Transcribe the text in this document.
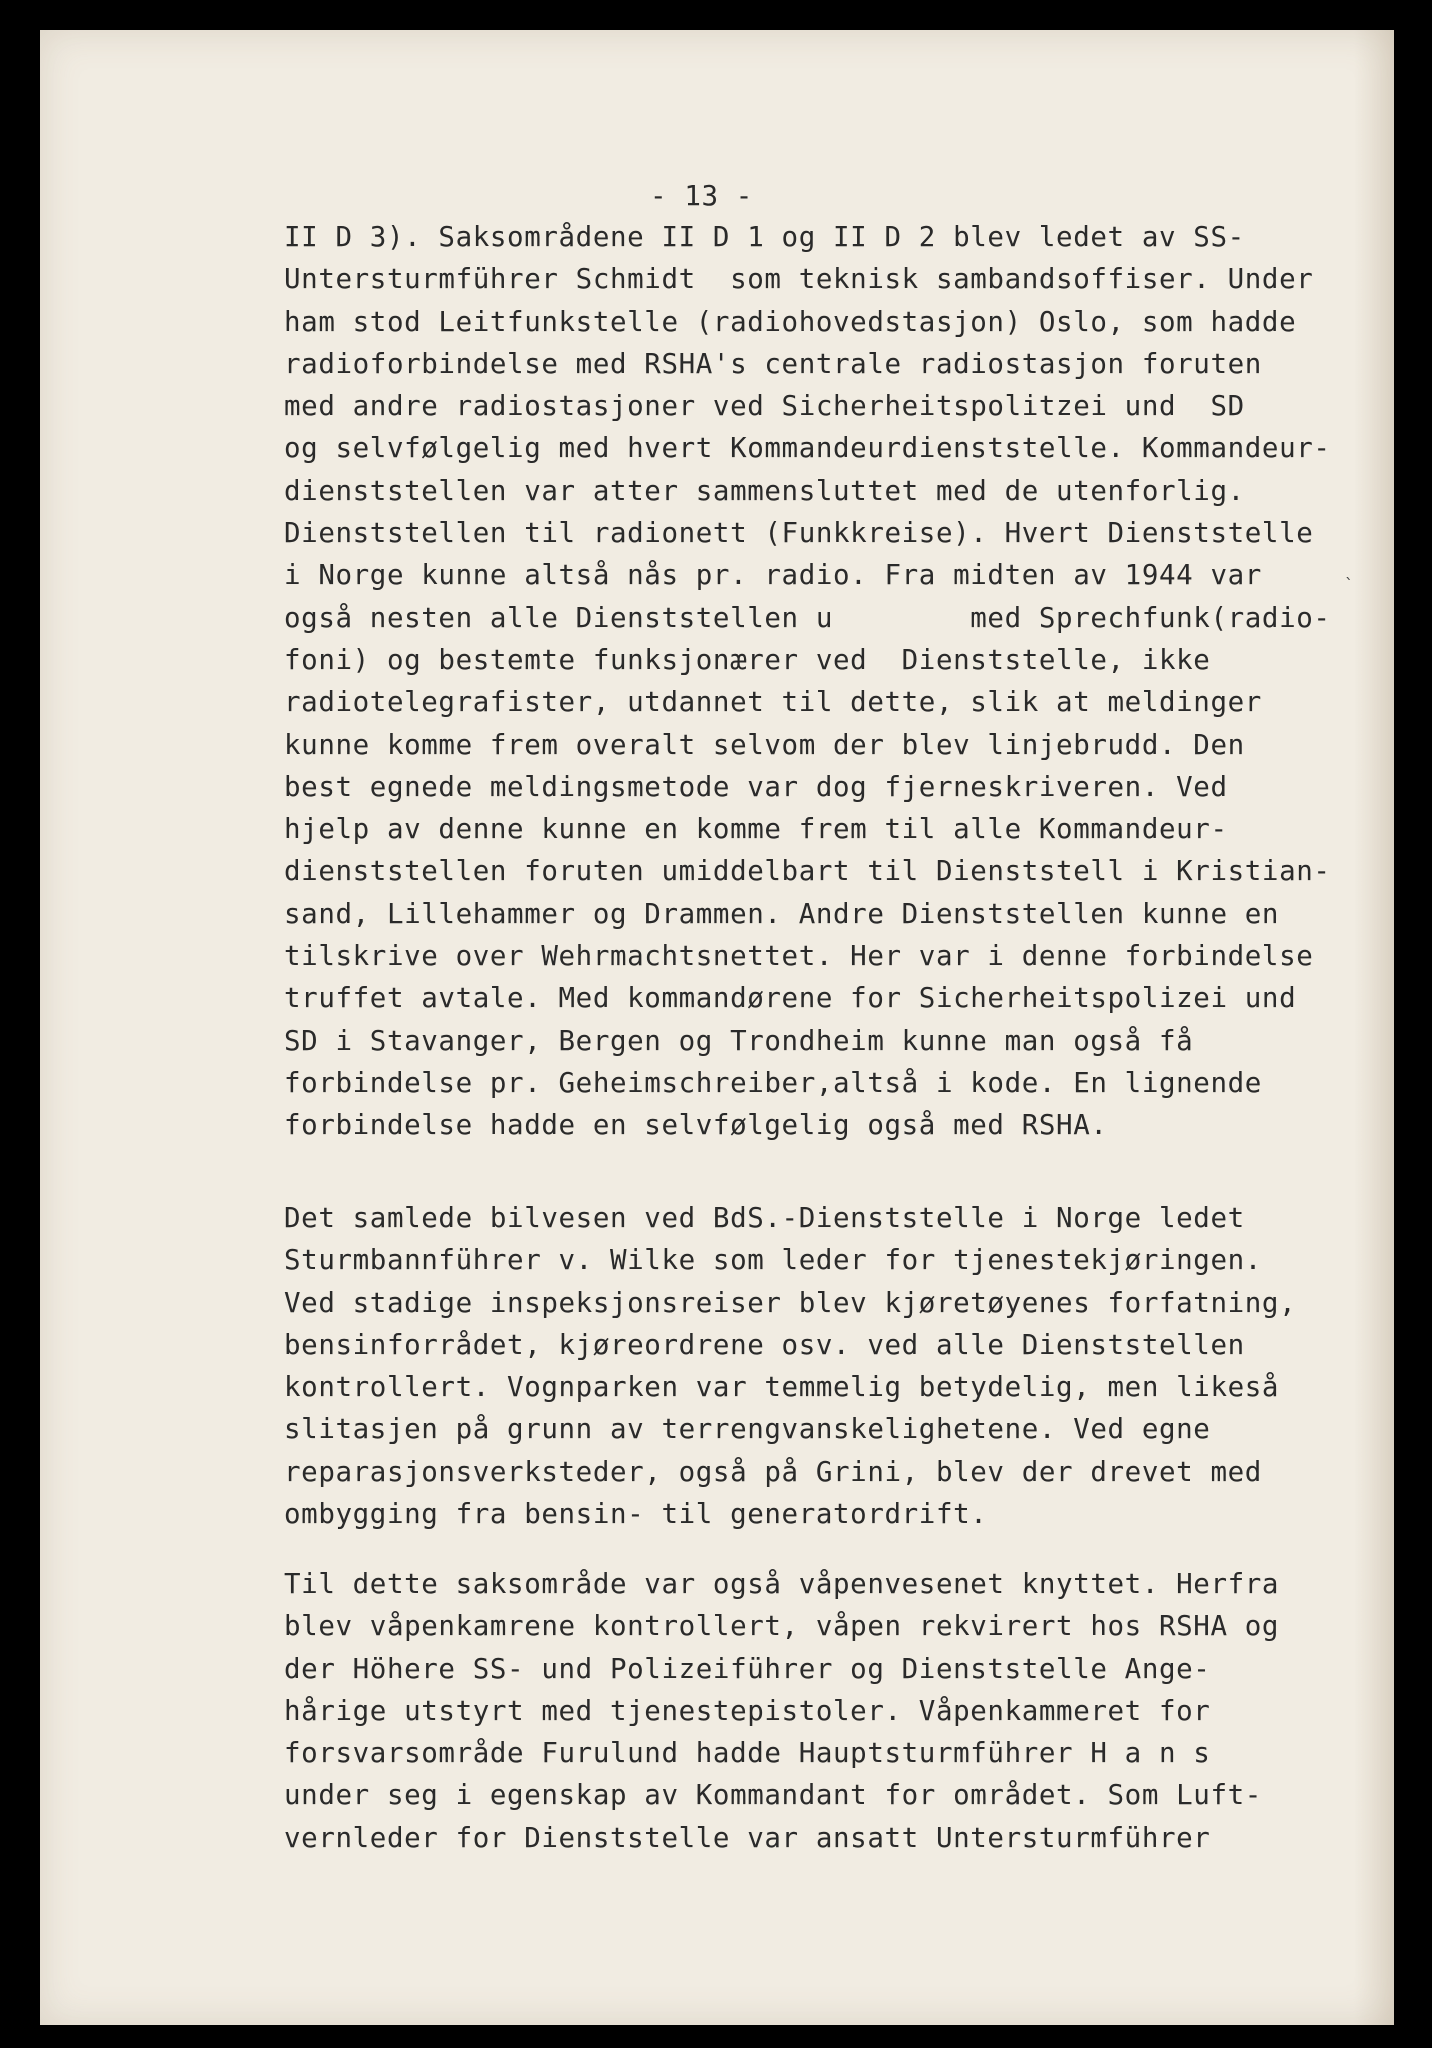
- 13 -
II D 3). Saksområdene II D 1 og II D 2 blev ledet av SS-
Untersturmführer Schmidt  som teknisk sambandsoffiser. Under
ham stod Leitfunkstelle (radiohovedstasjon) Oslo, som hadde
radioforbindelse med RSHA's centrale radiostasjon foruten
med andre radiostasjoner ved Sicherheitspolitzei und  SD
og selvfølgelig med hvert Kommandeurdienststelle. Kommandeur-
dienststellen var atter sammensluttet med de utenforlig.
Dienststellen til radionett (Funkkreise). Hvert Dienststelle
i Norge kunne altså nås pr. radio. Fra midten av 1944 var
også nesten alle Dienststellen u        med Sprechfunk(radio-
foni) og bestemte funksjonærer ved  Dienststelle, ikke
radiotelegrafister, utdannet til dette, slik at meldinger
kunne komme frem overalt selvom der blev linjebrudd. Den
best egnede meldingsmetode var dog fjerneskriveren. Ved
hjelp av denne kunne en komme frem til alle Kommandeur-
dienststellen foruten umiddelbart til Dienststell i Kristian-
sand, Lillehammer og Drammen. Andre Dienststellen kunne en
tilskrive over Wehrmachtsnettet. Her var i denne forbindelse
truffet avtale. Med kommandørene for Sicherheitspolizei und
SD i Stavanger, Bergen og Trondheim kunne man også få
forbindelse pr. Geheimschreiber,altså i kode. En lignende
forbindelse hadde en selvfølgelig også med RSHA.
Det samlede bilvesen ved BdS.-Dienststelle i Norge ledet
Sturmbannführer v. Wilke som leder for tjenestekjøringen.
Ved stadige inspeksjonsreiser blev kjøretøyenes forfatning,
bensinforrådet, kjøreordrene osv. ved alle Dienststellen
kontrollert. Vognparken var temmelig betydelig, men likeså
slitasjen på grunn av terrengvanskelighetene. Ved egne
reparasjonsverksteder, også på Grini, blev der drevet med
ombygging fra bensin- til generatordrift.
Til dette saksområde var også våpenvesenet knyttet. Herfra
blev våpenkamrene kontrollert, våpen rekvirert hos RSHA og
der Höhere SS- und Polizeiführer og Dienststelle Ange-
hårige utstyrt med tjenestepistoler. Våpenkammeret for
forsvarsområde Furulund hadde Hauptsturmführer H a n s
under seg i egenskap av Kommandant for området. Som Luft-
vernleder for Dienststelle var ansatt Untersturmführer
ˋ
